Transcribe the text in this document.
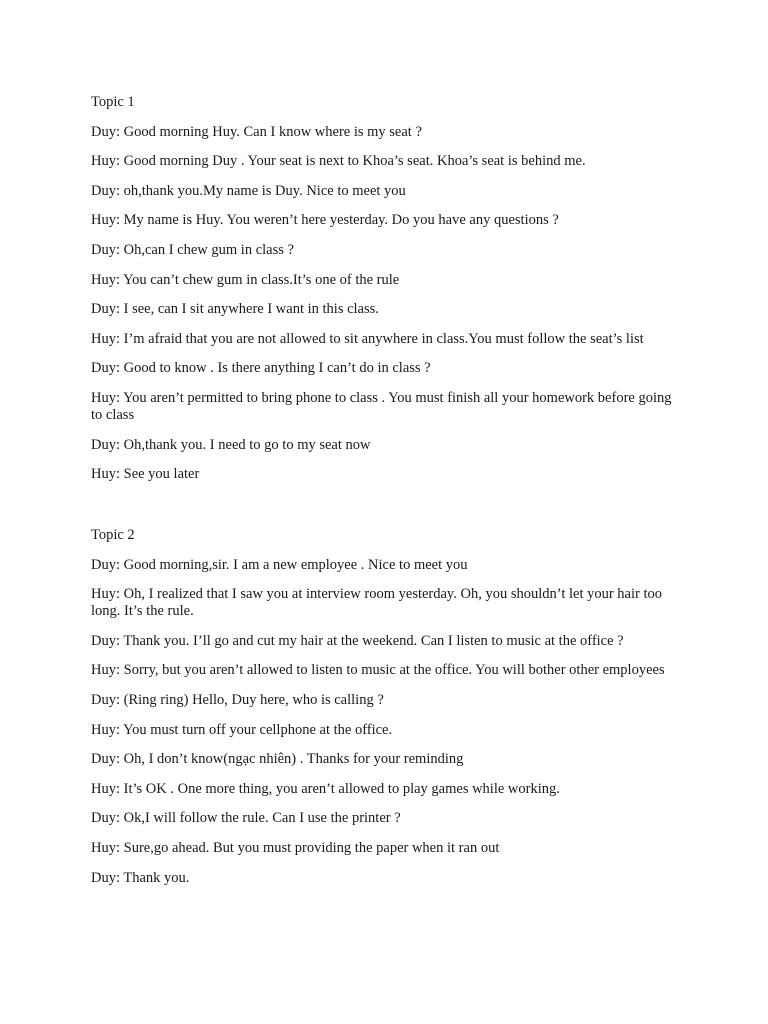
Topic 1
Duy: Good morning Huy. Can I know where is my seat ?
Huy: Good morning Duy . Your seat is next to Khoa’s seat. Khoa’s seat is behind me.
Duy: oh,thank you.My name is Duy. Nice to meet you
Huy: My name is Huy. You weren’t here yesterday. Do you have any questions ?
Duy: Oh,can I chew gum in class ?
Huy: You can’t chew gum in class.It’s one of the rule
Duy: I see, can I sit anywhere I want in this class.
Huy: I’m afraid that you are not allowed to sit anywhere in class.You must follow the seat’s list
Duy: Good to know . Is there anything I can’t do in class ?
Huy: You aren’t permitted to bring phone to class . You must finish all your homework before going to class
Duy: Oh,thank you. I need to go to my seat now
Huy: See you later
Topic 2
Duy: Good morning,sir. I am a new employee . Nice to meet you
Huy: Oh, I realized that I saw you at interview room yesterday. Oh, you shouldn’t let your hair too long. It’s the rule.
Duy: Thank you. I’ll go and cut my hair at the weekend. Can I listen to music at the office ?
Huy: Sorry, but you aren’t allowed to listen to music at the office. You will bother other employees
Duy: (Ring ring) Hello, Duy here, who is calling ?
Huy: You must turn off your cellphone at the office.
Duy: Oh, I don’t know(ngạc nhiên) . Thanks for your reminding
Huy: It’s OK . One more thing, you aren’t allowed to play games while working.
Duy: Ok,I will follow the rule. Can I use the printer ?
Huy: Sure,go ahead. But you must providing the paper when it ran out
Duy: Thank you.
